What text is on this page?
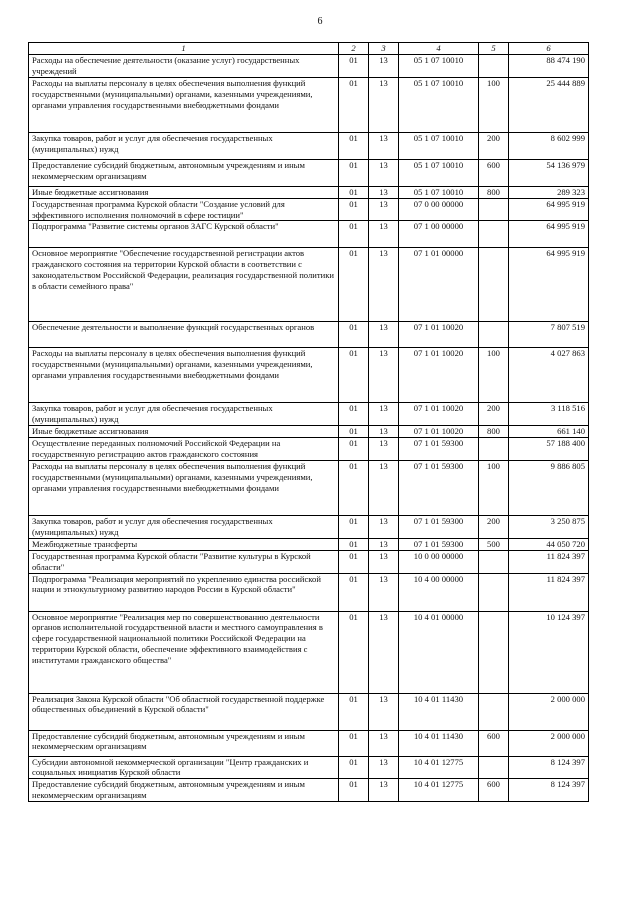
6
1	2	3	4	5	6
Расходы на обеспечение деятельности (оказание услуг) государственных учреждений	01	13	05 1 07 10010		88 474 190
Расходы на выплаты персоналу в целях обеспечения выполнения функций государственными (муниципальными) органами, казенными учреждениями, органами управления государственными внебюджетными фондами	01	13	05 1 07 10010	100	25 444 889
Закупка товаров, работ и услуг для обеспечения государственных (муниципальных) нужд	01	13	05 1 07 10010	200	8 602 999
Предоставление субсидий бюджетным, автономным учреждениям и иным некоммерческим организациям	01	13	05 1 07 10010	600	54 136 979
Иные бюджетные ассигнования	01	13	05 1 07 10010	800	289 323
Государственная программа Курской области "Создание условий для эффективного исполнения полномочий в сфере юстиции"	01	13	07 0 00 00000		64 995 919
Подпрограмма "Развитие системы органов ЗАГС Курской области"	01	13	07 1 00 00000		64 995 919
Основное мероприятие "Обеспечение государственной регистрации актов гражданского состояния на территории Курской области в соответствии с законодательством Российской Федерации, реализация государственной политики в области семейного права"	01	13	07 1 01 00000		64 995 919
Обеспечение деятельности и выполнение функций государственных органов	01	13	07 1 01 10020		7 807 519
Расходы на выплаты персоналу в целях обеспечения выполнения функций государственными (муниципальными) органами, казенными учреждениями, органами управления государственными внебюджетными фондами	01	13	07 1 01 10020	100	4 027 863
Закупка товаров, работ и услуг для обеспечения государственных (муниципальных) нужд	01	13	07 1 01 10020	200	3 118 516
Иные бюджетные ассигнования	01	13	07 1 01 10020	800	661 140
Осуществление переданных полномочий Российской Федерации на государственную регистрацию актов гражданского состояния	01	13	07 1 01 59300		57 188 400
Расходы на выплаты персоналу в целях обеспечения выполнения функций государственными (муниципальными) органами, казенными учреждениями, органами управления государственными внебюджетными фондами	01	13	07 1 01 59300	100	9 886 805
Закупка товаров, работ и услуг для обеспечения государственных (муниципальных) нужд	01	13	07 1 01 59300	200	3 250 875
Межбюджетные трансферты	01	13	07 1 01 59300	500	44 050 720
Государственная программа Курской области "Развитие культуры в Курской области"	01	13	10 0 00 00000		11 824 397
Подпрограмма "Реализация мероприятий по укреплению единства российской нации и этнокультурному развитию народов России в Курской области"	01	13	10 4 00 00000		11 824 397
Основное мероприятие "Реализация мер по совершенствованию деятельности органов исполнительной государственной власти и местного самоуправления в сфере государственной национальной политики Российской Федерации на территории Курской области, обеспечение эффективного взаимодействия с институтами гражданского общества"	01	13	10 4 01 00000		10 124 397
Реализация Закона Курской области "Об областной государственной поддержке общественных объединений в Курской области"	01	13	10 4 01 11430		2 000 000
Предоставление субсидий бюджетным, автономным учреждениям и иным некоммерческим организациям	01	13	10 4 01 11430	600	2 000 000
Субсидии автономной некоммерческой организации "Центр гражданских и социальных инициатив Курской области	01	13	10 4 01 12775		8 124 397
Предоставление субсидий бюджетным, автономным учреждениям и иным некоммерческим организациям	01	13	10 4 01 12775	600	8 124 397
